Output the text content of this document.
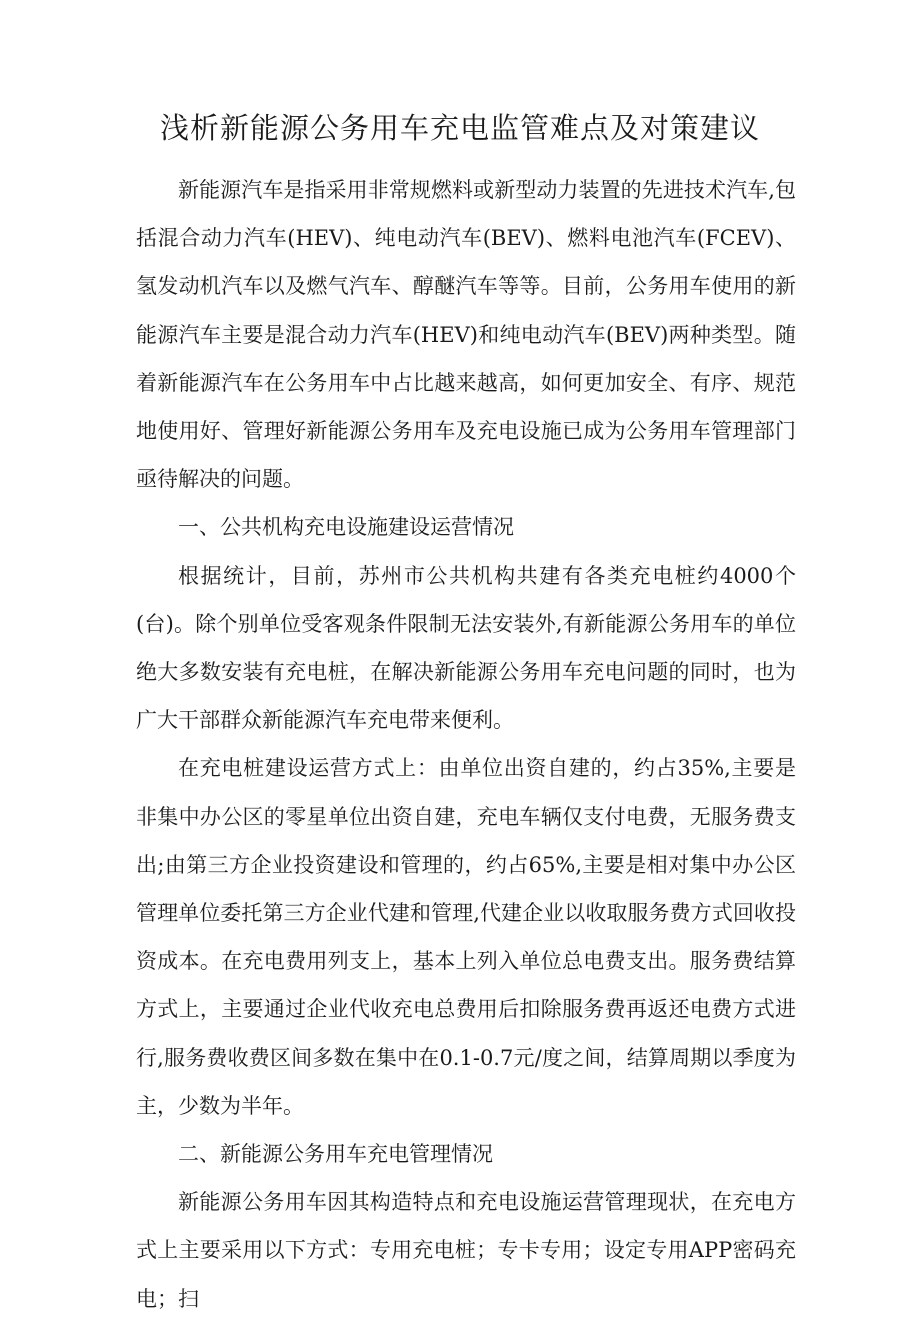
浅析新能源公务用车充电监管难点及对策建议

新能源汽车是指采用非常规燃料或新型动力装置的先进技术汽车,包括混合动力汽车(HEV)、纯电动汽车(BEV)、燃料电池汽车(FCEV)、氢发动机汽车以及燃气汽车、醇醚汽车等等。目前，公务用车使用的新能源汽车主要是混合动力汽车(HEV)和纯电动汽车(BEV)两种类型。随着新能源汽车在公务用车中占比越来越高，如何更加安全、有序、规范地使用好、管理好新能源公务用车及充电设施已成为公务用车管理部门亟待解决的问题。

一、公共机构充电设施建设运营情况

根据统计，目前，苏州市公共机构共建有各类充电桩约4000个(台)。除个别单位受客观条件限制无法安装外,有新能源公务用车的单位绝大多数安装有充电桩，在解决新能源公务用车充电问题的同时，也为广大干部群众新能源汽车充电带来便利。

在充电桩建设运营方式上：由单位出资自建的，约占35%,主要是非集中办公区的零星单位出资自建，充电车辆仅支付电费，无服务费支出;由第三方企业投资建设和管理的，约占65%,主要是相对集中办公区管理单位委托第三方企业代建和管理,代建企业以收取服务费方式回收投资成本。在充电费用列支上，基本上列入单位总电费支出。服务费结算方式上，主要通过企业代收充电总费用后扣除服务费再返还电费方式进行,服务费收费区间多数在集中在0.1-0.7元/度之间，结算周期以季度为主，少数为半年。

二、新能源公务用车充电管理情况

新能源公务用车因其构造特点和充电设施运营管理现状，在充电方式上主要采用以下方式：专用充电桩；专卡专用；设定专用APP密码充电；扫
